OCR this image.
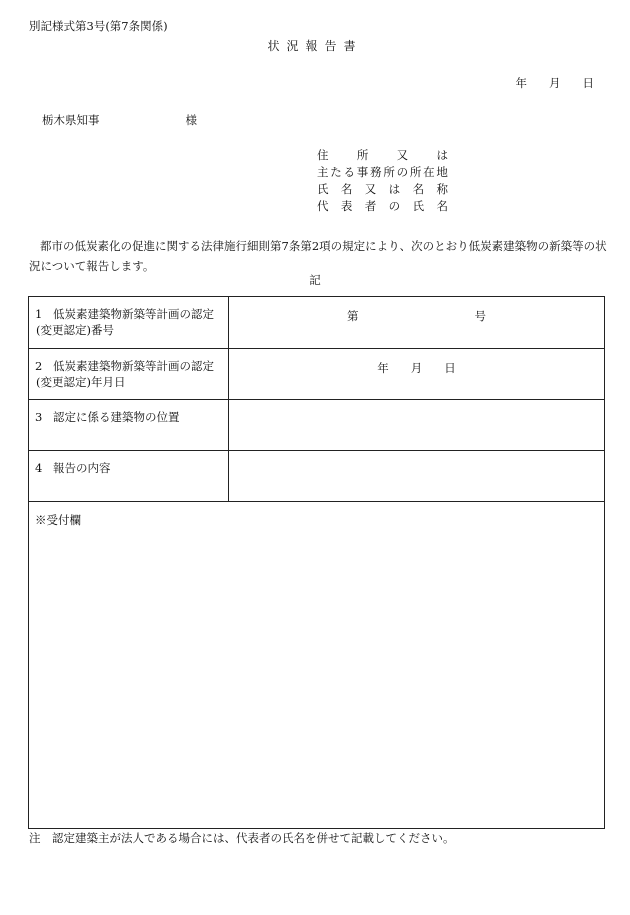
別記様式第3号(第7条関係)
状況報告書
年 月 日
栃木県知事	様
住 所 又 は
主 た る 事 務 所 の 所 在 地
氏 名 又 は 名 称
代 表 者 の 氏 名
都市の低炭素化の促進に関する法律施行細則第7条第2項の規定により、次のとおり低炭素建築物の新築等の状況について報告します。
記
1 低炭素建築物新築等計画の認定
(変更認定)番号
第	号
2 低炭素建築物新築等計画の認定
(変更認定)年月日
年 月 日
3 認定に係る建築物の位置
4 報告の内容
※受付欄
注　認定建築主が法人である場合には、代表者の氏名を併せて記載してください。
